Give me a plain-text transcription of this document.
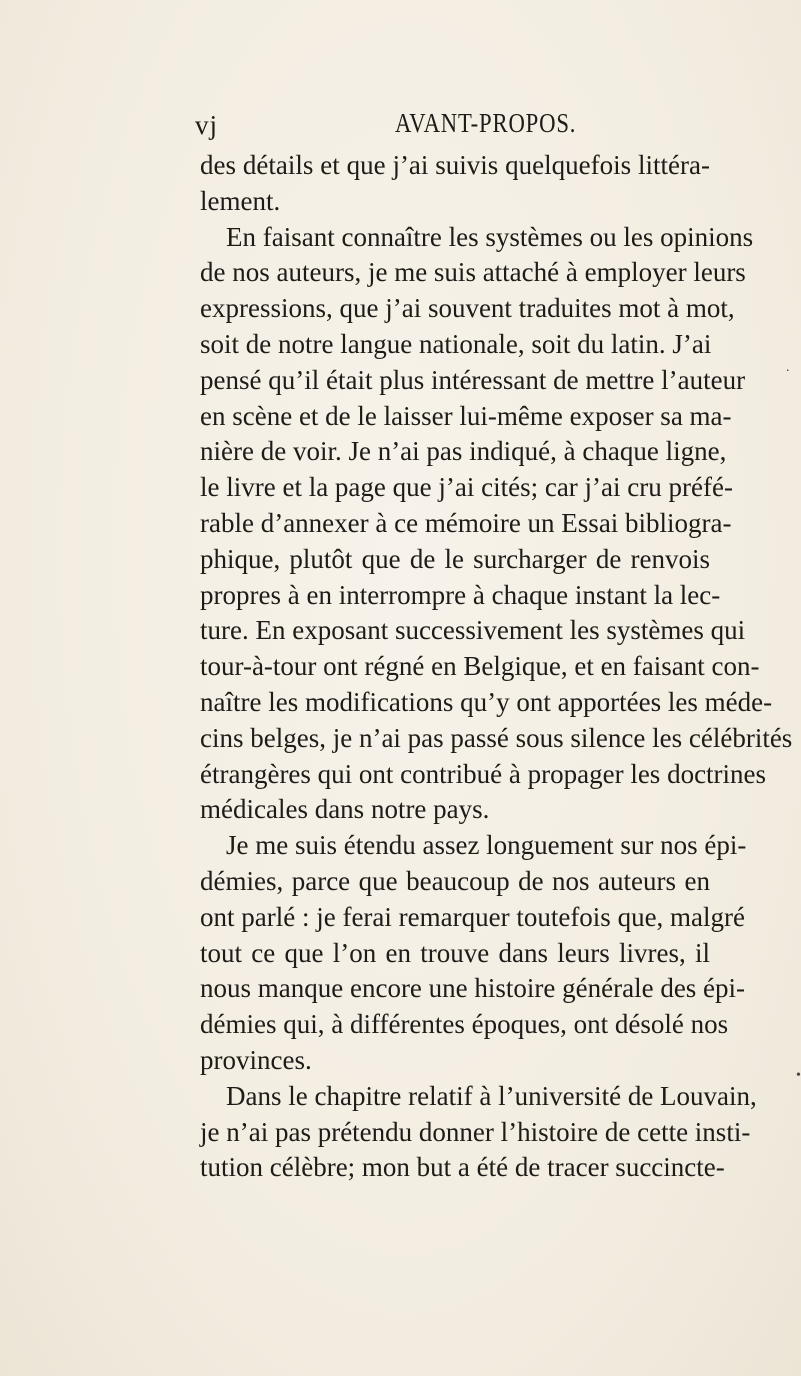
vj	AVANT-PROPOS.
des détails et que j’ai suivis quelquefois littéra-
lement.
En faisant connaître les systèmes ou les opinions
de nos auteurs, je me suis attaché à employer leurs
expressions, que j’ai souvent traduites mot à mot,
soit de notre langue nationale, soit du latin. J’ai
pensé qu’il était plus intéressant de mettre l’auteur
en scène et de le laisser lui-même exposer sa ma-
nière de voir. Je n’ai pas indiqué, à chaque ligne,
le livre et la page que j’ai cités; car j’ai cru préfé-
rable d’annexer à ce mémoire un Essai bibliogra-
phique, plutôt que de le surcharger de renvois
propres à en interrompre à chaque instant la lec-
ture. En exposant successivement les systèmes qui
tour-à-tour ont régné en Belgique, et en faisant con-
naître les modifications qu’y ont apportées les méde-
cins belges, je n’ai pas passé sous silence les célébrités
étrangères qui ont contribué à propager les doctrines
médicales dans notre pays.
Je me suis étendu assez longuement sur nos épi-
démies, parce que beaucoup de nos auteurs en
ont parlé : je ferai remarquer toutefois que, malgré
tout ce que l’on en trouve dans leurs livres, il
nous manque encore une histoire générale des épi-
démies qui, à différentes époques, ont désolé nos
provinces.
Dans le chapitre relatif à l’université de Louvain,
je n’ai pas prétendu donner l’histoire de cette insti-
tution célèbre; mon but a été de tracer succincte-
.
•
